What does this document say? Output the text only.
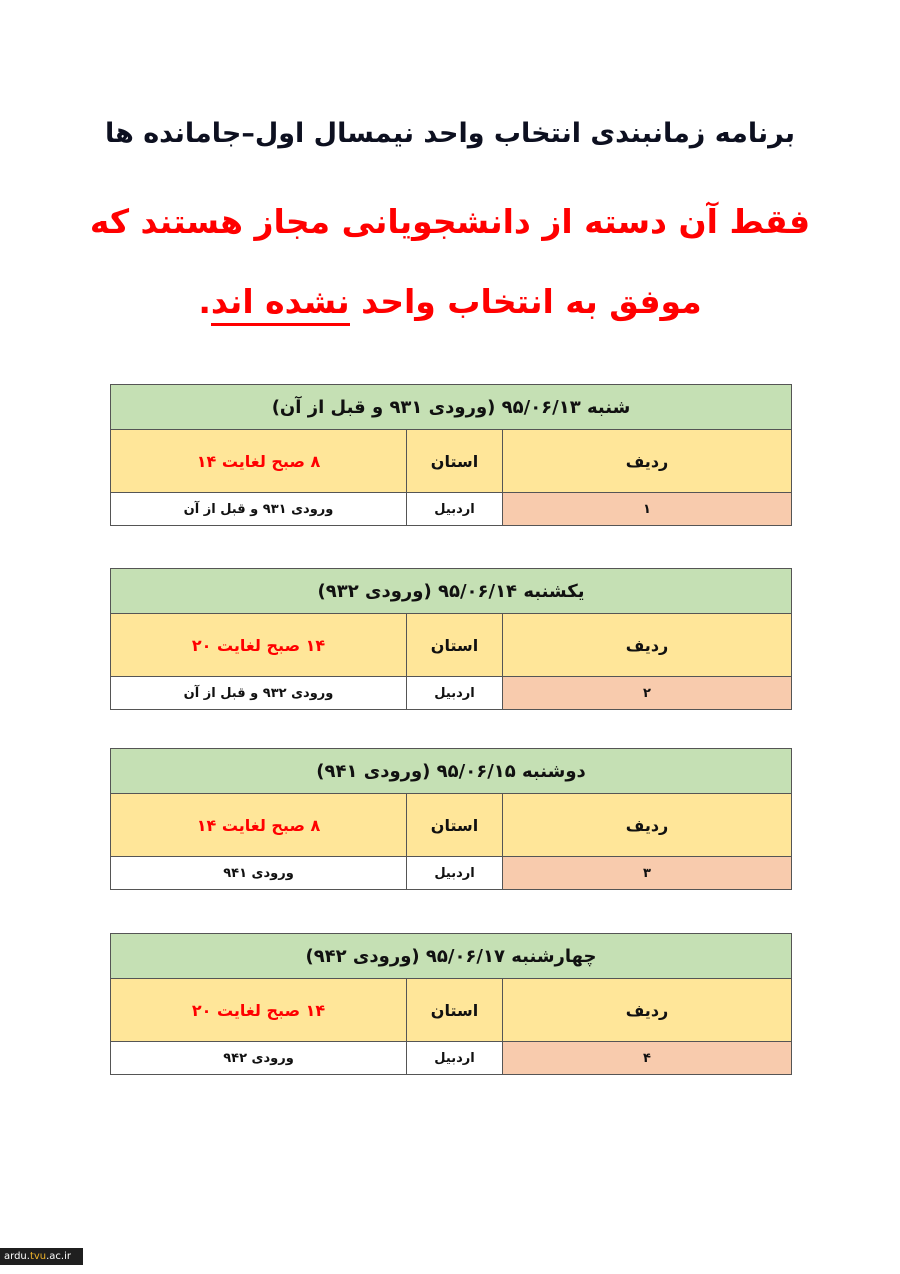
برنامه زمانبندی انتخاب واحد نیمسال اول–جامانده ها
فقط آن دسته از دانشجویانی مجاز هستند که
موفق به انتخاب واحد نشده اند.
شنبه ۹۵/۰۶/۱۳ (ورودی ۹۳۱ و قبل از آن)		
ردیف	استان	۸ صبح لغایت ۱۴
۱	اردبیل	ورودی ۹۳۱ و قبل از آن
یکشنبه ۹۵/۰۶/۱۴ (ورودی ۹۳۲)		
ردیف	استان	۱۴ صبح لغایت ۲۰
۲	اردبیل	ورودی ۹۳۲ و قبل از آن
دوشنبه ۹۵/۰۶/۱۵ (ورودی ۹۴۱)		
ردیف	استان	۸ صبح لغایت ۱۴
۳	اردبیل	ورودی ۹۴۱
چهارشنبه ۹۵/۰۶/۱۷ (ورودی ۹۴۲)		
ردیف	استان	۱۴ صبح لغایت ۲۰
۴	اردبیل	ورودی ۹۴۲
ardu.tvu.ac.ir
